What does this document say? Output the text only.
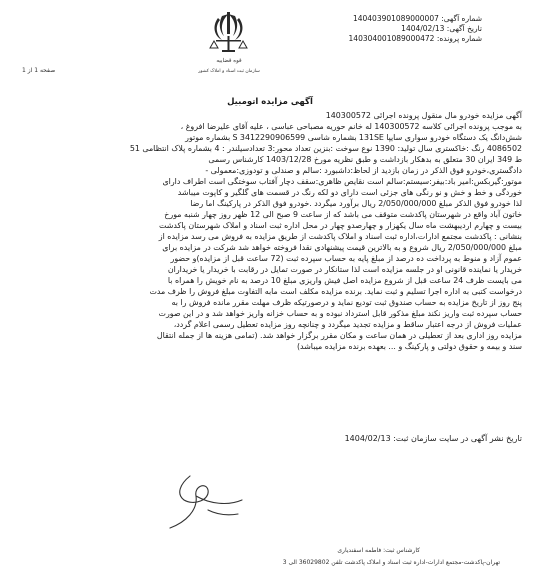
شماره آگهی: 140403901089000007
تاریخ آگهی: 1404/02/13
شماره پرونده: 140304001089000472
قوه قضاییه
سازمان ثبت اسناد و املاک کشور
صفحه 1 از 1
آگهی مزایده اتومبیل

آگهی مزایده خودرو مال منقول پرونده اجرائی 140300572

به موجب پرونده اجرائی کلاسه 140300572 له خانم حوریه مصباحی عباسی ، علیه آقای علیرضا افروغ ،

شش‌دانگ یک دستگاه خودرو سواری سایپا 131SE بشماره شاسی 3412290906599 S بشماره موتور

4086502 رنگ :خاکستری سال تولید: 1390 نوع سوخت :بنزین تعداد محور:3 تعدادسیلندر : 4 بشماره پلاک انتظامی 51

ط 349 ایران 30 متعلق به بدهکار بازداشت و طبق نظریه مورخ 1403/12/28 کارشناس رسمی

دادگستری،خودرو فوق الذکر در زمان بازدید از لحاظ:داشبورد :سالم و صندلی و تودوزی:معمولی -

موتور:گیربکس:امیر باد:بیفر:سیستم:سالم است نقایص ظاهری:سقف دچار آفتاب سوختگی است اطراف دارای

خوردگی و خط و خش و نو رنگی های جزئی است دارای دو لکه رنگ در قسمت های گلگیر و کاپوت میباشد

لذا خودرو فوق الذکر مبلغ 2/050/000/000 ریال برآورد میگردد .خودرو فوق الذکر در پارکینگ اما رضا

خاتون آباد واقع در شهرستان پاکدشت متوقف می باشد که از ساعت 9 صبح الی 12 ظهر روز چهار شنبه مورخ

بیست و چهارم اردیبهشت ماه سال یکهزار و چهارصدو چهار در محل اداره ثبت اسناد و املاک شهرستان پاکدشت

بنشانی : پاکدشت مجتمع ادارات،اداره ثبت اسناد و املاک پاکدشت از طریق مزایده به فروش می رسد مزایده از

مبلغ 2/050/000/000 ریال شروع و به بالاترین قیمت پیشنهادی نقدا فروخته خواهد شد شرکت در مزایده برای

عموم آزاد و منوط به پرداخت ده درصد از مبلغ پایه به حساب سپرده ثبت (72 ساعت قبل از مزایده)و حضور

خریدار یا نماینده قانونی او در جلسه مزایده است لذا ستانکار در صورت تمایل در رقابت با خریدار یا خریداران

می بایست ظرف 24 ساعت قبل از شروع مزایده اصل فیش واریزی مبلغ 10 درصد به نام خویش را همراه با

درخواست کتبی به اداره اجرا تسلیم و ثبت نماید. برنده مزایده مکلف است مابه التفاوت مبلغ فروش را ظرف مدت

پنج روز از تاریخ مزایده به حساب صندوق ثبت تودیع نماید و درصورتیکه ظرف مهلت مقرر مانده فروش را به

حساب سپرده ثبت واریز نکند مبلغ مذکور قابل استرداد نبوده و به حساب خزانه واریز خواهد شد و در این صورت

عملیات فروش از درجه اعتبار ساقط و مزایده تجدید میگردد و چنانچه روز مزایده تعطیل رسمی اعلام گردد،

مزایده روز اداری بعد از تعطیلی در همان ساعت و مکان مقرر برگزار خواهد شد. (تمامی هزینه ها از جمله انتقال

سند و بیمه و حقوق دولتی و پارکینگ و ... بعهده برنده مزایده میباشد)

تاریخ نشر آگهی در سایت سازمان ثبت: 1404/02/13
کارشناس ثبت: فاطمه اسفندیاری
تهران-پاکدشت-مجتمع ادارات-اداره ثبت اسناد و املاک پاکدشت تلفن 36029802 الی 3
